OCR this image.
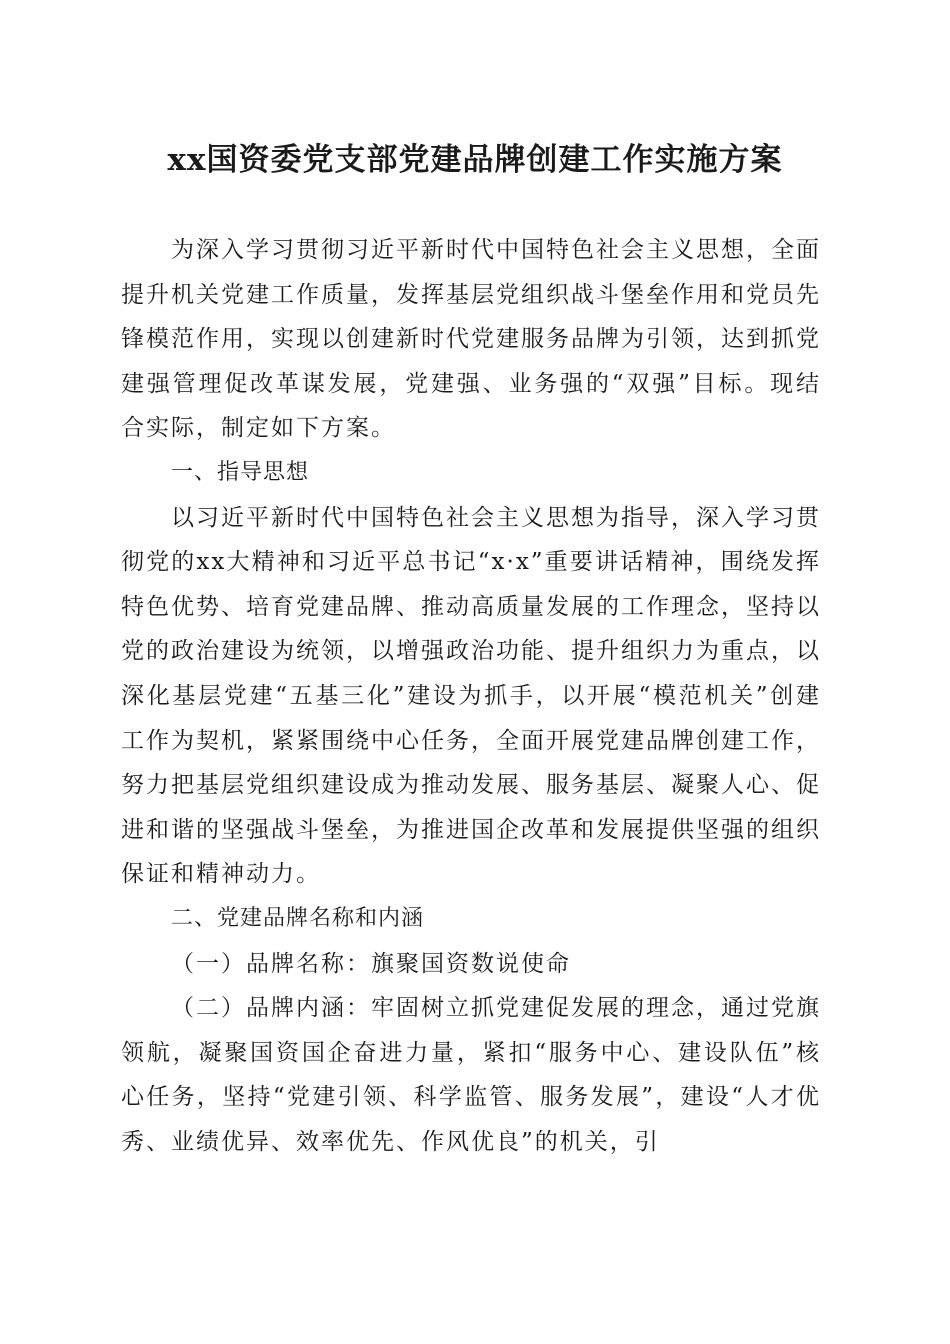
xx国资委党支部党建品牌创建工作实施方案

为深入学习贯彻习近平新时代中国特色社会主义思想，全面提升机关党建工作质量，发挥基层党组织战斗堡垒作用和党员先锋模范作用，实现以创建新时代党建服务品牌为引领，达到抓党建强管理促改革谋发展，党建强、业务强的“双强”目标。现结合实际，制定如下方案。

一、指导思想

以习近平新时代中国特色社会主义思想为指导，深入学习贯彻党的xx大精神和习近平总书记“x·x”重要讲话精神，围绕发挥特色优势、培育党建品牌、推动高质量发展的工作理念，坚持以党的政治建设为统领，以增强政治功能、提升组织力为重点，以深化基层党建“五基三化”建设为抓手，以开展“模范机关”创建工作为契机，紧紧围绕中心任务，全面开展党建品牌创建工作，努力把基层党组织建设成为推动发展、服务基层、凝聚人心、促进和谐的坚强战斗堡垒，为推进国企改革和发展提供坚强的组织保证和精神动力。

二、党建品牌名称和内涵

（一）品牌名称：旗聚国资数说使命

（二）品牌内涵：牢固树立抓党建促发展的理念，通过党旗领航，凝聚国资国企奋进力量，紧扣“服务中心、建设队伍”核心任务，坚持“党建引领、科学监管、服务发展”，建设“人才优秀、业绩优异、效率优先、作风优良”的机关，引
